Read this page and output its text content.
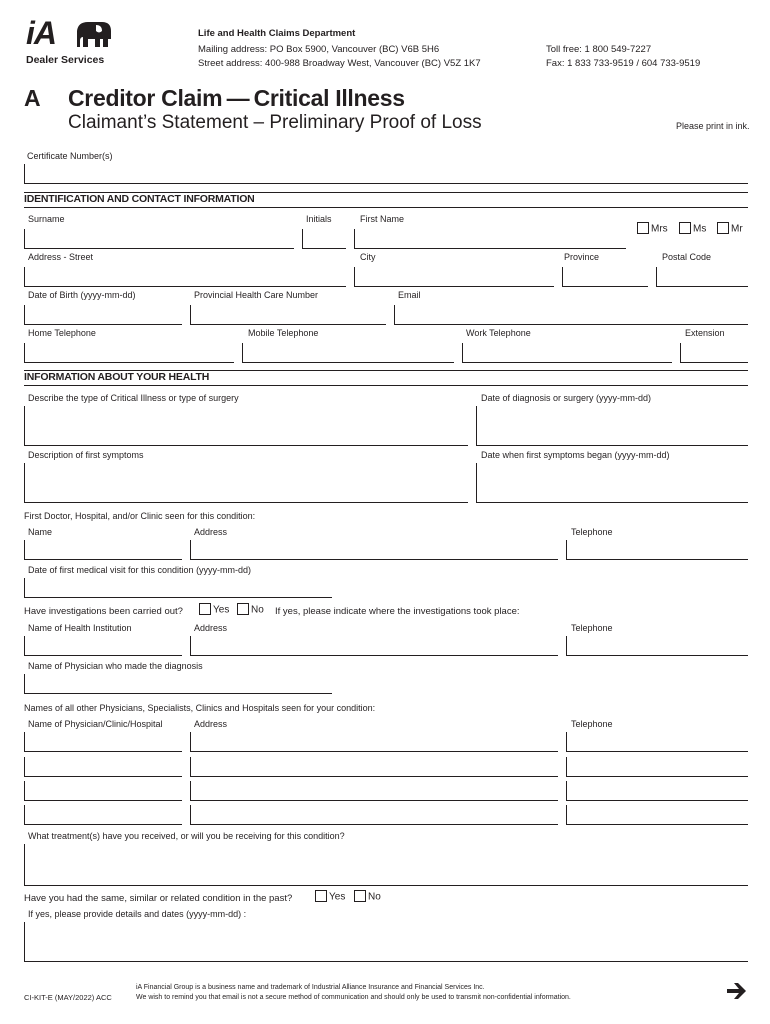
iA
Dealer Services
Life and Health Claims Department
Mailing address: PO Box 5900, Vancouver (BC) V6B 5H6
Street address: 400-988 Broadway West, Vancouver (BC) V5Z 1K7
Toll free: 1 800 549-7227
Fax: 1 833 733-9519 / 604 733-9519
A Creditor Claim — Critical Illness
Claimant’s Statement – Preliminary Proof of Loss	Please print in ink.
Certificate Number(s)
IDENTIFICATION AND CONTACT INFORMATION
Surname	Initials	First Name
Mrs	Ms	Mr
Address - Street	City	Province	Postal Code
Date of Birth (yyyy-mm-dd)	Provincial Health Care Number	Email
Home Telephone	Mobile Telephone	Work Telephone	Extension
INFORMATION ABOUT YOUR HEALTH
Describe the type of Critical Illness or type of surgery	Date of diagnosis or surgery (yyyy-mm-dd)
Description of first symptoms	Date when first symptoms began (yyyy-mm-dd)
First Doctor, Hospital, and/or Clinic seen for this condition:
Name	Address	Telephone
Date of first medical visit for this condition (yyyy-mm-dd)
Have investigations been carried out?	Yes	No If yes, please indicate where the investigations took place:
Name of Health Institution	Address	Telephone
Name of Physician who made the diagnosis
Names of all other Physicians, Specialists, Clinics and Hospitals seen for your condition:
Name of Physician/Clinic/Hospital	Address	Telephone
What treatment(s) have you received, or will you be receiving for this condition?
Have you had the same, similar or related condition in the past?	Yes	No
If yes, please provide details and dates (yyyy-mm-dd) :
CI-KIT-E (MAY/2022) ACC
iA Financial Group is a business name and trademark of Industrial Alliance Insurance and Financial Services Inc.
We wish to remind you that email is not a secure method of communication and should only be used to transmit non-confidential information.
